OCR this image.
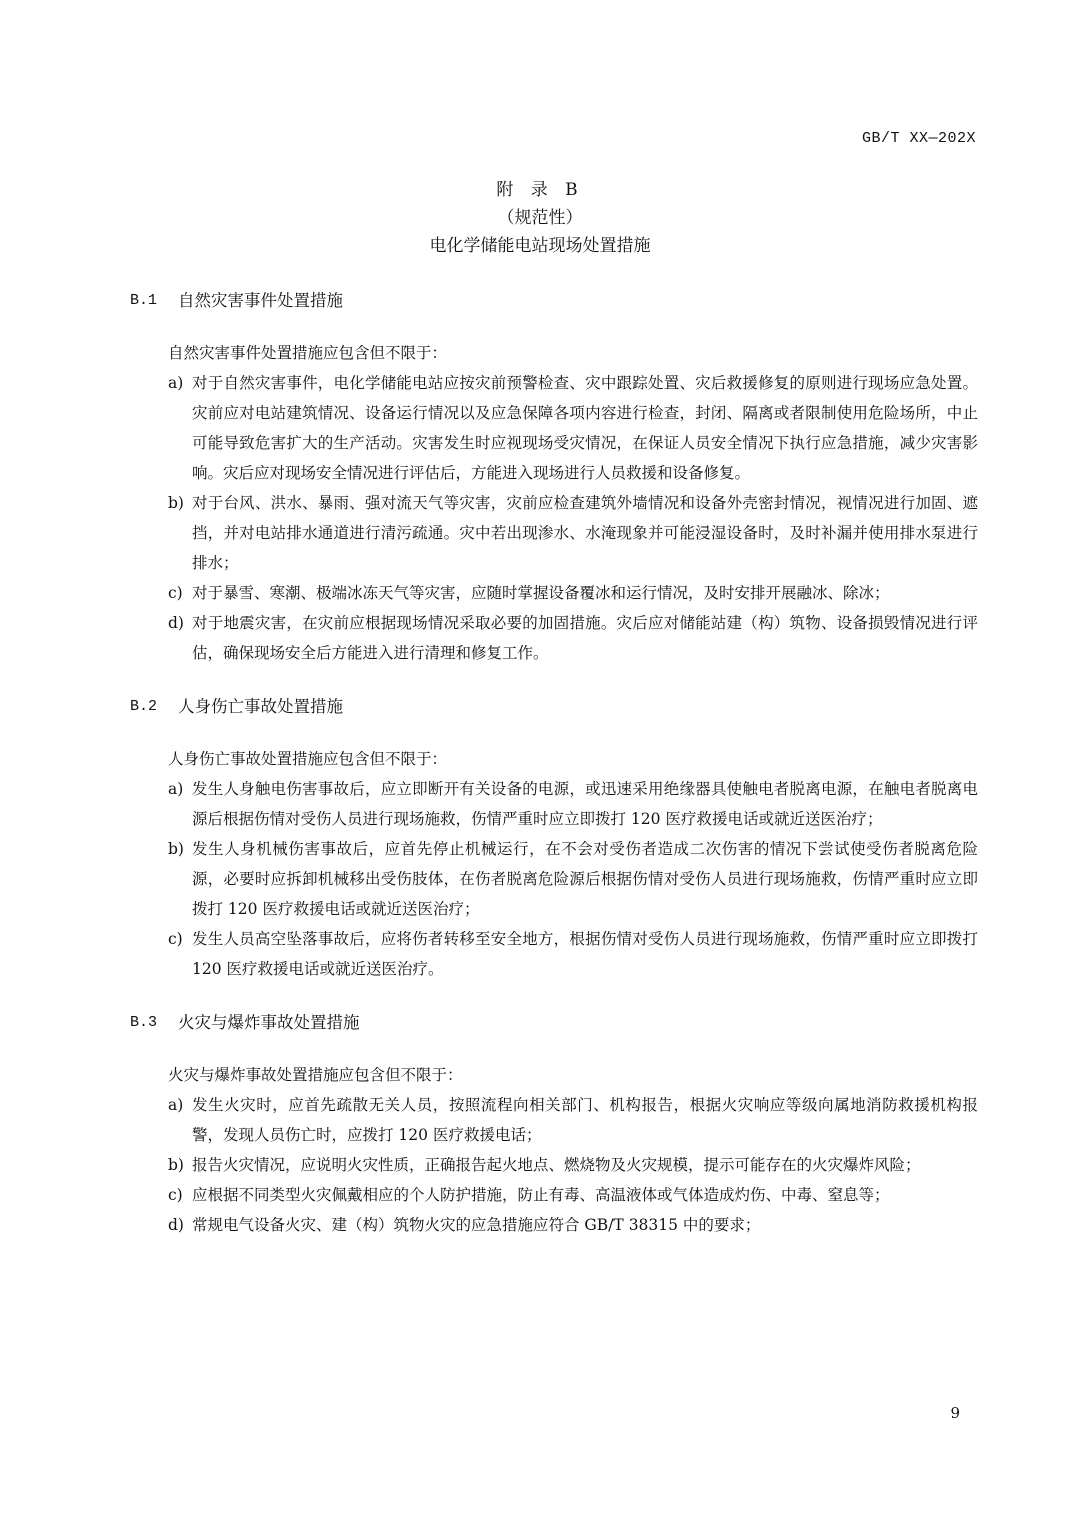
GB/T XX—202X
附 录 B
（规范性）
电化学储能电站现场处置措施
B.1	自然灾害事件处置措施
自然灾害事件处置措施应包含但不限于：
a) 对于自然灾害事件，电化学储能电站应按灾前预警检查、灾中跟踪处置、灾后救援修复的原则进行现场应急处置。灾前应对电站建筑情况、设备运行情况以及应急保障各项内容进行检查，封闭、隔离或者限制使用危险场所，中止可能导致危害扩大的生产活动。灾害发生时应视现场受灾情况，在保证人员安全情况下执行应急措施，减少灾害影响。灾后应对现场安全情况进行评估后，方能进入现场进行人员救援和设备修复。
b) 对于台风、洪水、暴雨、强对流天气等灾害，灾前应检查建筑外墙情况和设备外壳密封情况，视情况进行加固、遮挡，并对电站排水通道进行清污疏通。灾中若出现渗水、水淹现象并可能浸湿设备时，及时补漏并使用排水泵进行排水；
c) 对于暴雪、寒潮、极端冰冻天气等灾害，应随时掌握设备覆冰和运行情况，及时安排开展融冰、除冰；
d) 对于地震灾害，在灾前应根据现场情况采取必要的加固措施。灾后应对储能站建（构）筑物、设备损毁情况进行评估，确保现场安全后方能进入进行清理和修复工作。
B.2	人身伤亡事故处置措施
人身伤亡事故处置措施应包含但不限于：
a) 发生人身触电伤害事故后，应立即断开有关设备的电源，或迅速采用绝缘器具使触电者脱离电源，在触电者脱离电源后根据伤情对受伤人员进行现场施救，伤情严重时应立即拨打 120 医疗救援电话或就近送医治疗；
b) 发生人身机械伤害事故后，应首先停止机械运行，在不会对受伤者造成二次伤害的情况下尝试使受伤者脱离危险源，必要时应拆卸机械移出受伤肢体，在伤者脱离危险源后根据伤情对受伤人员进行现场施救，伤情严重时应立即拨打 120 医疗救援电话或就近送医治疗；
c) 发生人员高空坠落事故后，应将伤者转移至安全地方，根据伤情对受伤人员进行现场施救，伤情严重时应立即拨打 120 医疗救援电话或就近送医治疗。
B.3	火灾与爆炸事故处置措施
火灾与爆炸事故处置措施应包含但不限于：
a) 发生火灾时，应首先疏散无关人员，按照流程向相关部门、机构报告，根据火灾响应等级向属地消防救援机构报警，发现人员伤亡时，应拨打 120 医疗救援电话；
b) 报告火灾情况，应说明火灾性质，正确报告起火地点、燃烧物及火灾规模，提示可能存在的火灾爆炸风险；
c) 应根据不同类型火灾佩戴相应的个人防护措施，防止有毒、高温液体或气体造成灼伤、中毒、窒息等；
d) 常规电气设备火灾、建（构）筑物火灾的应急措施应符合 GB/T 38315 中的要求；
9
